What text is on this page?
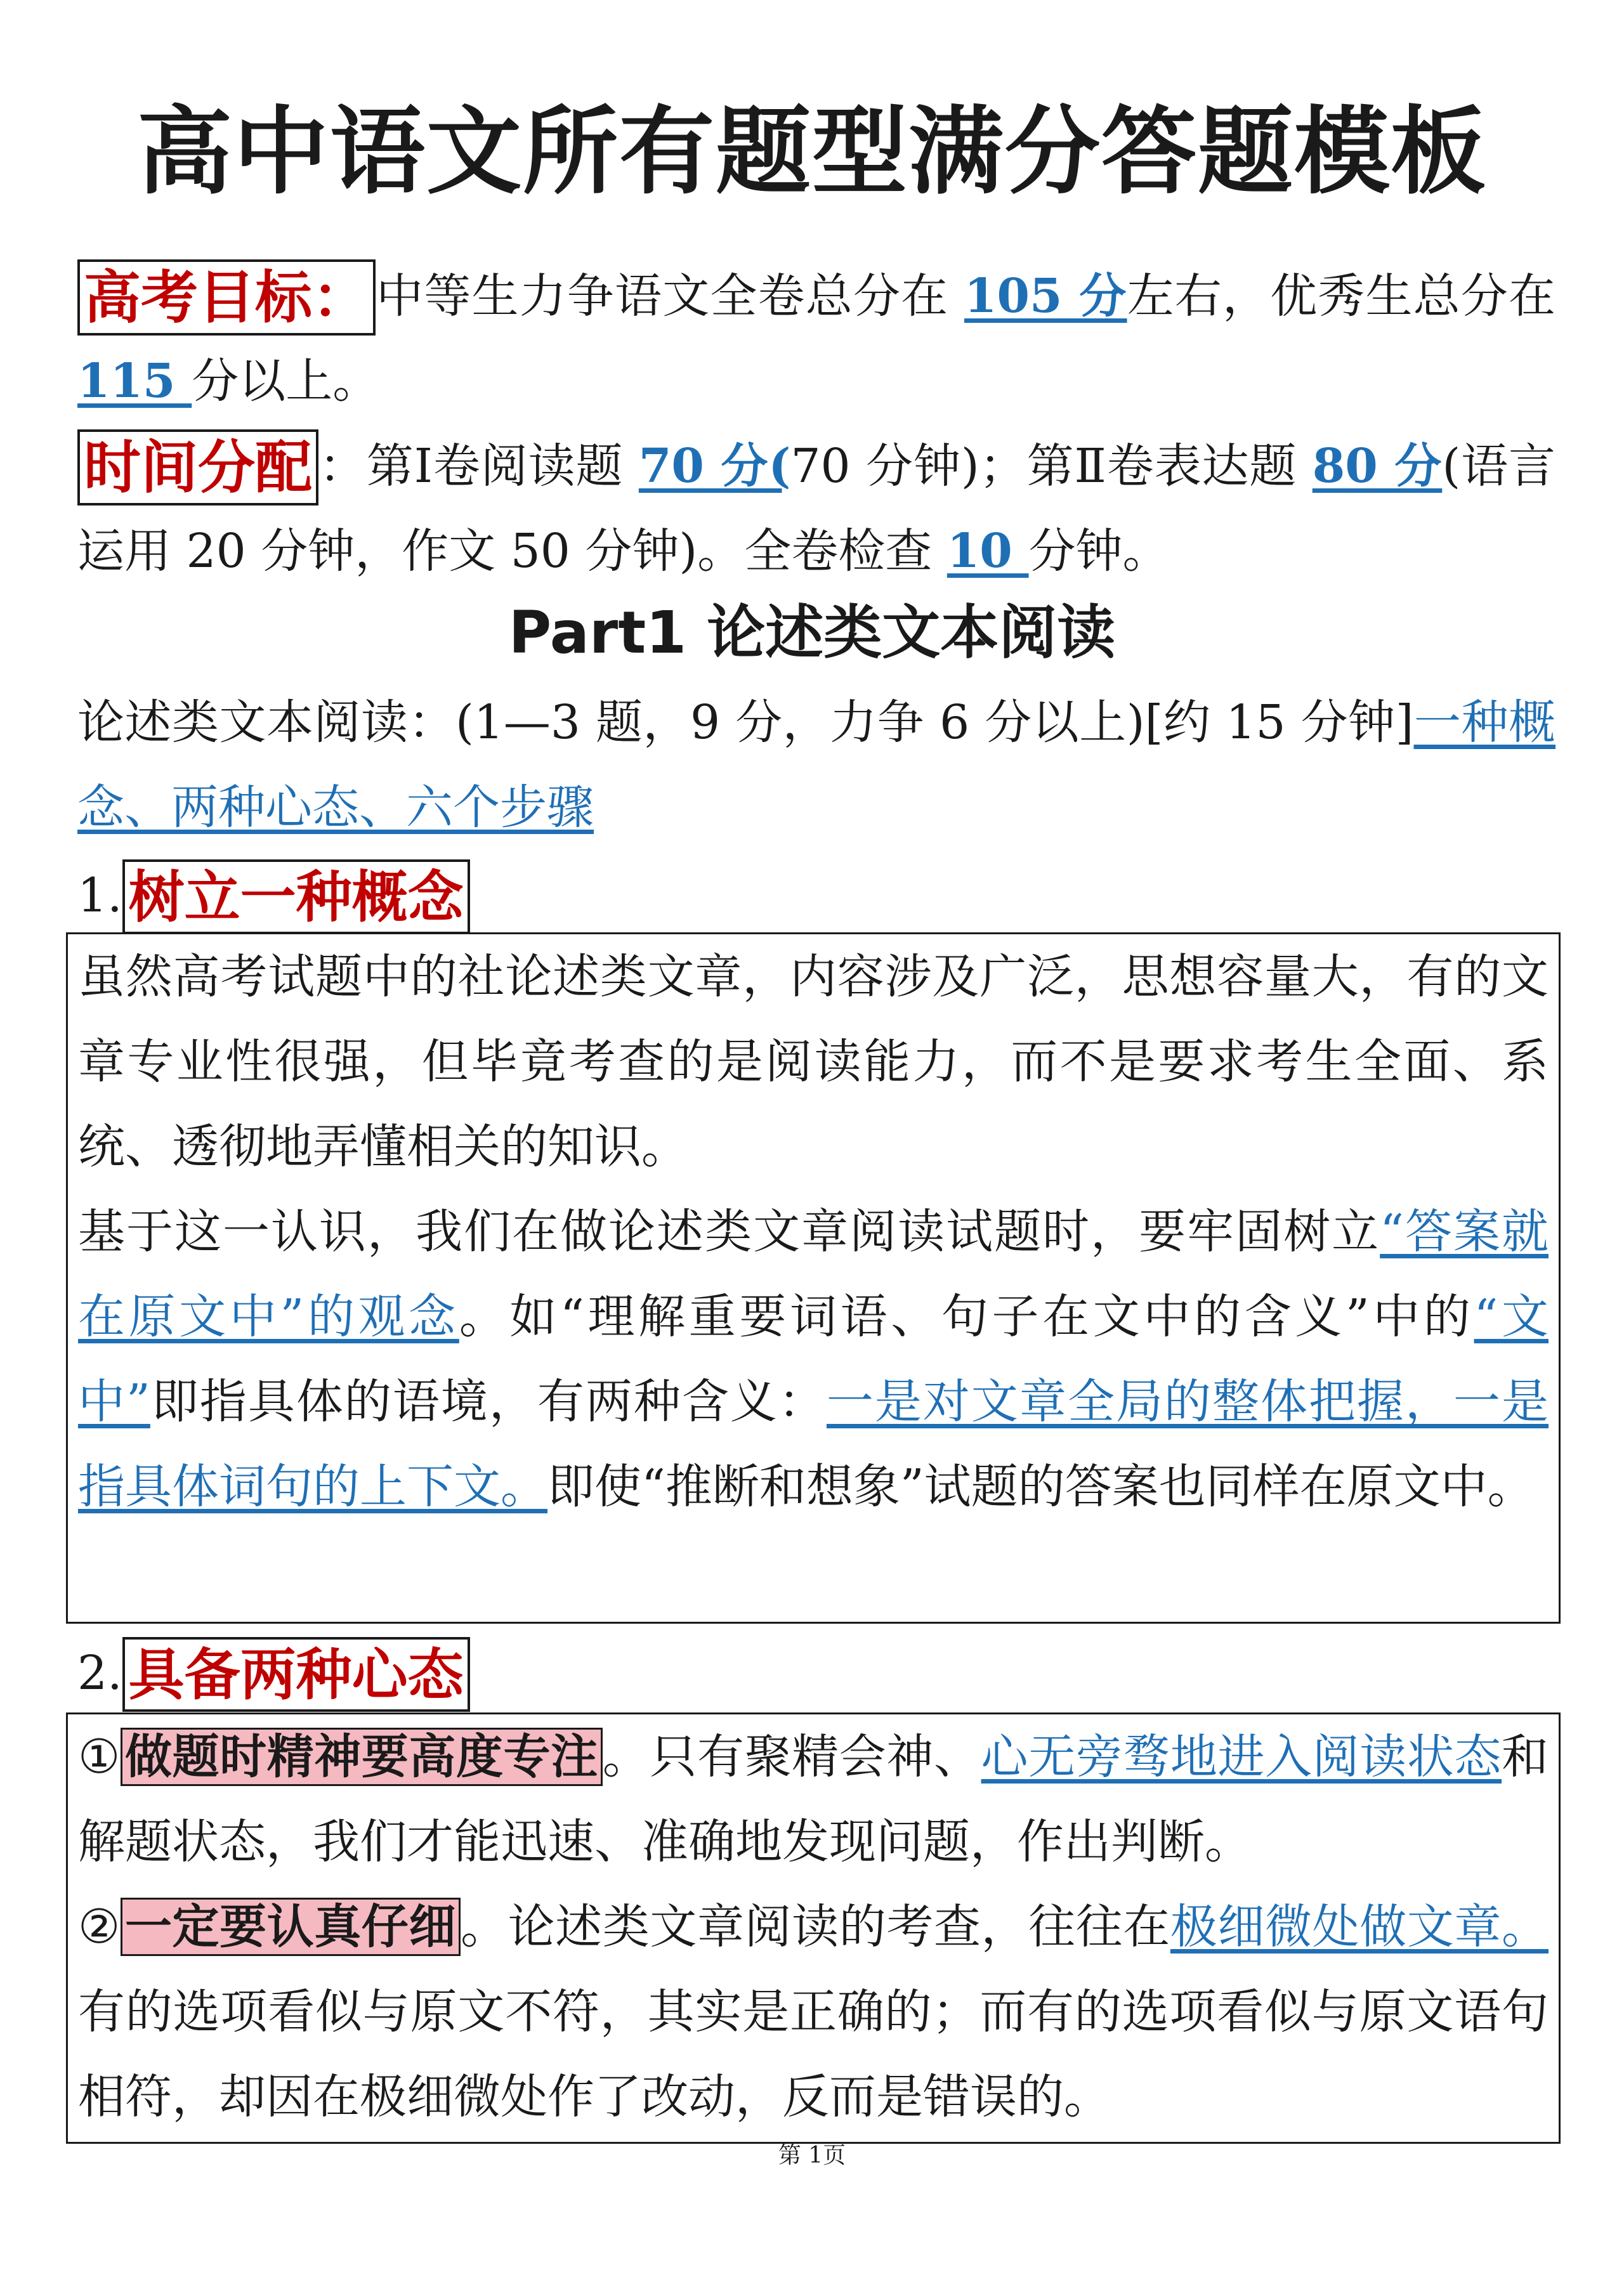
高中语文所有题型满分答题模板

高考目标： 中等生力争语文全卷总分在 105 分左右，优秀生总分在 115 分以上。

时间分配 ：第Ⅰ卷阅读题 70 分(70 分钟)；第Ⅱ卷表达题 80 分(语言运用 20 分钟，作文 50 分钟)。全卷检查 10 分钟。

Part1 论述类文本阅读

论述类文本阅读：(1—3 题，9 分，力争 6 分以上)[约 15 分钟]一种概念、两种心态、六个步骤

1. 树立一种概念

虽然高考试题中的社论述类文章，内容涉及广泛，思想容量大，有的文章专业性很强，但毕竟考查的是阅读能力，而不是要求考生全面、系统、透彻地弄懂相关的知识。

基于这一认识，我们在做论述类文章阅读试题时，要牢固树立“答案就在原文中”的观念。如“理解重要词语、句子在文中的含义”中的“文中”即指具体的语境，有两种含义：一是对文章全局的整体把握，一是指具体词句的上下文。即使“推断和想象”试题的答案也同样在原文中。

2. 具备两种心态

①做题时精神要高度专注。只有聚精会神、心无旁骛地进入阅读状态和解题状态，我们才能迅速、准确地发现问题，作出判断。

②一定要认真仔细。论述类文章阅读的考查，往往在极细微处做文章。有的选项看似与原文不符，其实是正确的；而有的选项看似与原文语句相符，却因在极细微处作了改动，反而是错误的。

第 1页
